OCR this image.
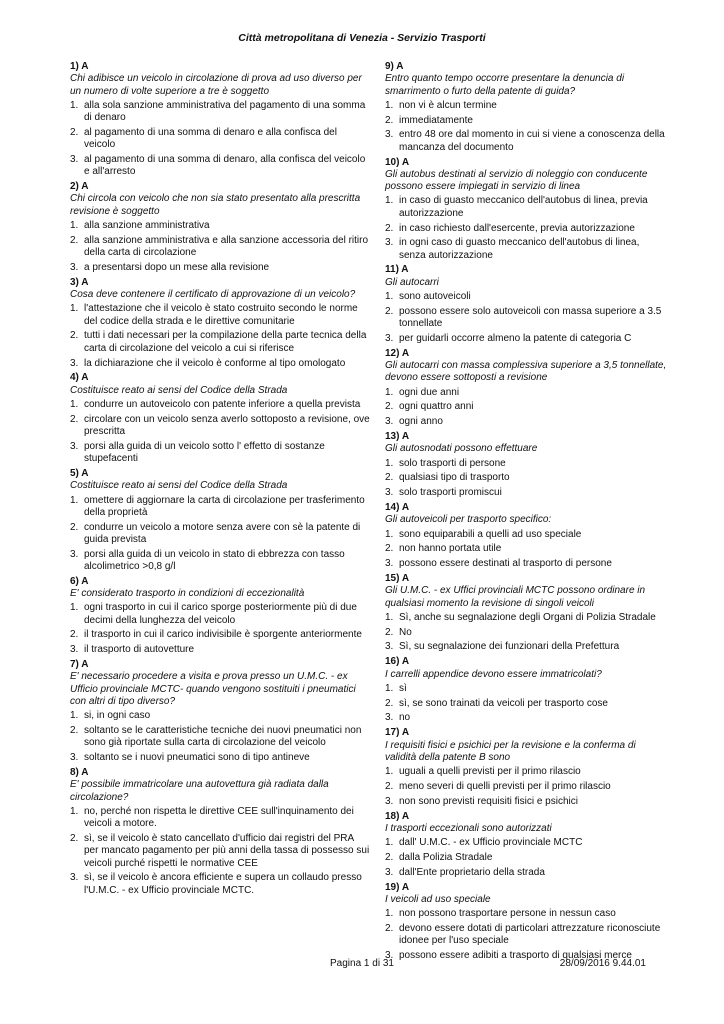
Città metropolitana di Venezia - Servizio Trasporti
1) A
Chi adibisce un veicolo in circolazione di prova ad uso diverso per un numero di volte superiore a tre è soggetto
1. alla sola sanzione amministrativa del pagamento di una somma di denaro
2. al pagamento di una somma di denaro e alla confisca del veicolo
3. al pagamento di una somma di denaro, alla confisca del veicolo e all'arresto
2) A
Chi circola con veicolo che non sia stato presentato alla prescritta revisione è soggetto
1. alla sanzione amministrativa
2. alla sanzione amministrativa e alla sanzione accessoria del ritiro della carta di circolazione
3. a presentarsi dopo un mese alla revisione
3) A
Cosa deve contenere il certificato di approvazione di un veicolo?
1. l'attestazione che il veicolo è stato costruito secondo le norme del codice della strada e le direttive comunitarie
2. tutti i dati necessari per la compilazione della parte tecnica della carta di circolazione del veicolo a cui si riferisce
3. la dichiarazione che il veicolo è conforme al tipo omologato
4) A
Costituisce reato ai sensi del Codice della Strada
1. condurre un autoveicolo con patente inferiore a quella prevista
2. circolare con un veicolo senza averlo sottoposto a revisione, ove prescritta
3. porsi alla guida di un veicolo sotto l' effetto di sostanze stupefacenti
5) A
Costituisce reato ai sensi del Codice della Strada
1. omettere di aggiornare la carta di circolazione per trasferimento della proprietà
2. condurre un veicolo a motore senza avere con sè la patente di guida prevista
3. porsi alla guida di un veicolo in stato di ebbrezza con tasso alcolimetrico >0,8 g/l
6) A
E' considerato trasporto in condizioni di eccezionalità
1. ogni trasporto in cui il carico sporge posteriormente più di due decimi della lunghezza del veicolo
2. il trasporto in cui il carico indivisibile è sporgente anteriormente
3. il trasporto di autovetture
7) A
E' necessario procedere a visita e prova presso un U.M.C. - ex Ufficio provinciale MCTC- quando vengono sostituiti i pneumatici con altri di tipo diverso?
1. si, in ogni caso
2. soltanto se le caratteristiche tecniche dei nuovi pneumatici non sono già riportate sulla carta di circolazione del veicolo
3. soltanto se i nuovi pneumatici sono di tipo antineve
8) A
E' possibile immatricolare una autovettura già radiata dalla circolazione?
1. no, perché non rispetta le direttive CEE sull'inquinamento dei veicoli a motore.
2. sì, se il veicolo è stato cancellato d'ufficio dai registri del PRA per mancato pagamento per più anni della tassa di possesso sui veicoli purché rispetti le normative CEE
3. sì, se il veicolo è ancora efficiente e supera un collaudo presso l'U.M.C. - ex Ufficio provinciale MCTC.
9) A
Entro quanto tempo occorre presentare la denuncia di smarrimento o furto della patente di guida?
1. non vi è alcun termine
2. immediatamente
3. entro 48 ore dal momento in cui si viene a conoscenza della mancanza del documento
10) A
Gli autobus destinati al servizio di noleggio con conducente possono essere impiegati in servizio di linea
1. in caso di guasto meccanico dell'autobus di linea, previa autorizzazione
2. in caso richiesto dall'esercente, previa autorizzazione
3. in ogni caso di guasto meccanico dell'autobus di linea, senza autorizzazione
11) A
Gli autocarri
1. sono autoveicoli
2. possono essere solo autoveicoli con massa superiore a 3.5 tonnellate
3. per guidarli occorre almeno la patente di categoria C
12) A
Gli autocarri con massa complessiva superiore a 3,5 tonnellate, devono essere sottoposti a revisione
1. ogni due anni
2. ogni quattro anni
3. ogni anno
13) A
Gli autosnodati possono effettuare
1. solo trasporti di persone
2. qualsiasi tipo di trasporto
3. solo trasporti promiscui
14) A
Gli autoveicoli per trasporto specifico:
1. sono equiparabili a quelli ad uso speciale
2. non hanno portata utile
3. possono essere destinati al trasporto di persone
15) A
Gli U.M.C. - ex Uffici provinciali MCTC possono ordinare in qualsiasi momento la revisione di singoli veicoli
1. Sì, anche su segnalazione degli Organi di Polizia Stradale
2. No
3. Sì, su segnalazione dei funzionari della Prefettura
16) A
I carrelli appendice devono essere immatricolati?
1. sì
2. sì, se sono trainati da veicoli per trasporto cose
3. no
17) A
I requisiti fisici e psichici per la revisione e la conferma di validità della patente B sono
1. uguali a quelli previsti per il primo rilascio
2. meno severi di quelli previsti per il primo rilascio
3. non sono previsti requisiti fisici e psichici
18) A
I trasporti eccezionali sono autorizzati
1. dall' U.M.C. - ex Ufficio provinciale MCTC
2. dalla Polizia Stradale
3. dall'Ente proprietario della strada
19) A
I veicoli ad uso speciale
1. non possono trasportare persone in nessun caso
2. devono essere dotati di particolari attrezzature riconosciute idonee per l'uso speciale
3. possono essere adibiti a trasporto di qualsiasi merce
Pagina 1 di 31	28/09/2016 9.44.01
